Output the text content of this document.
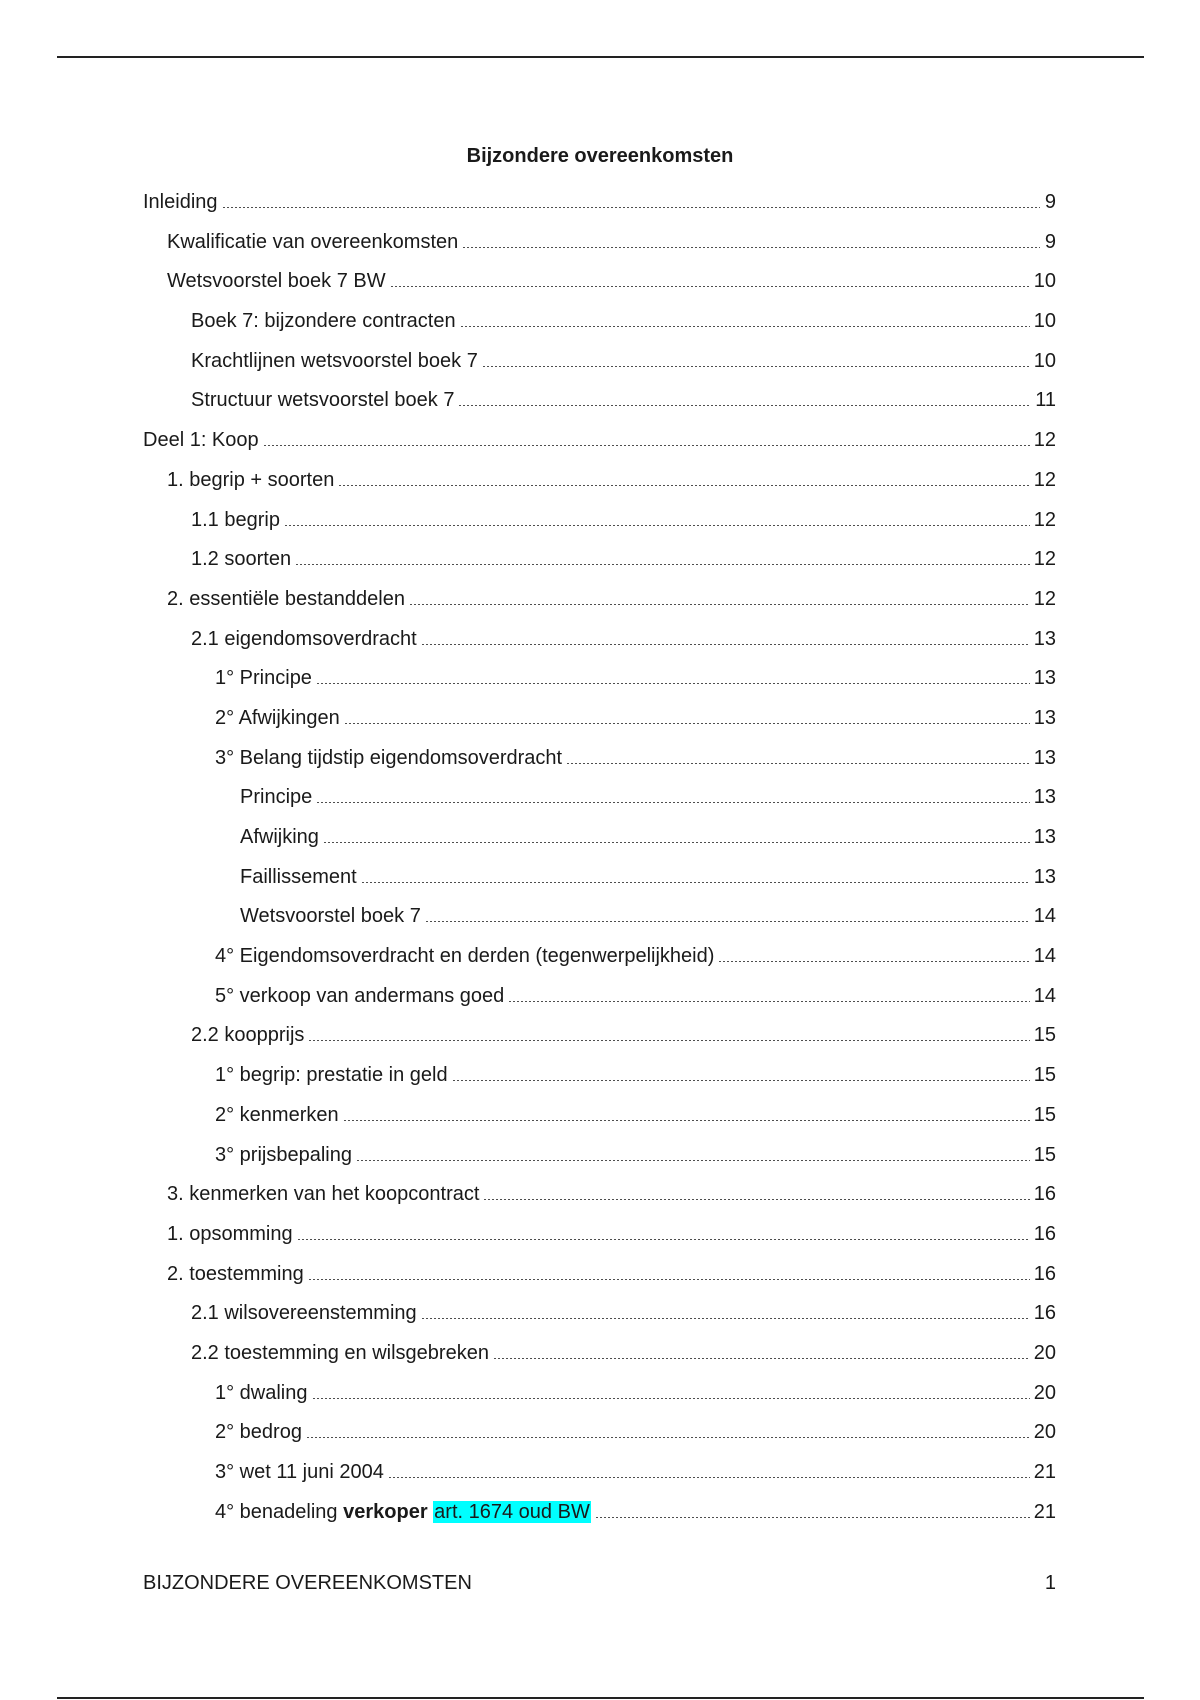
Bijzondere overeenkomsten
Inleiding	9
Kwalificatie van overeenkomsten	9
Wetsvoorstel boek 7 BW	10
Boek 7: bijzondere contracten	10
Krachtlijnen wetsvoorstel boek 7	10
Structuur wetsvoorstel boek 7	11
Deel 1: Koop	12
1. begrip + soorten	12
1.1 begrip	12
1.2 soorten	12
2. essentiële bestanddelen	12
2.1 eigendomsoverdracht	13
1° Principe	13
2° Afwijkingen	13
3° Belang tijdstip eigendomsoverdracht	13
Principe	13
Afwijking	13
Faillissement	13
Wetsvoorstel boek 7	14
4° Eigendomsoverdracht en derden (tegenwerpelijkheid)	14
5° verkoop van andermans goed	14
2.2 koopprijs	15
1° begrip: prestatie in geld	15
2° kenmerken	15
3° prijsbepaling	15
3. kenmerken van het koopcontract	16
1. opsomming	16
2. toestemming	16
2.1 wilsovereenstemming	16
2.2 toestemming en wilsgebreken	20
1° dwaling	20
2° bedrog	20
3° wet 11 juni 2004	21
4° benadeling verkoper art. 1674 oud BW	21
BIJZONDERE OVEREENKOMSTEN	1
